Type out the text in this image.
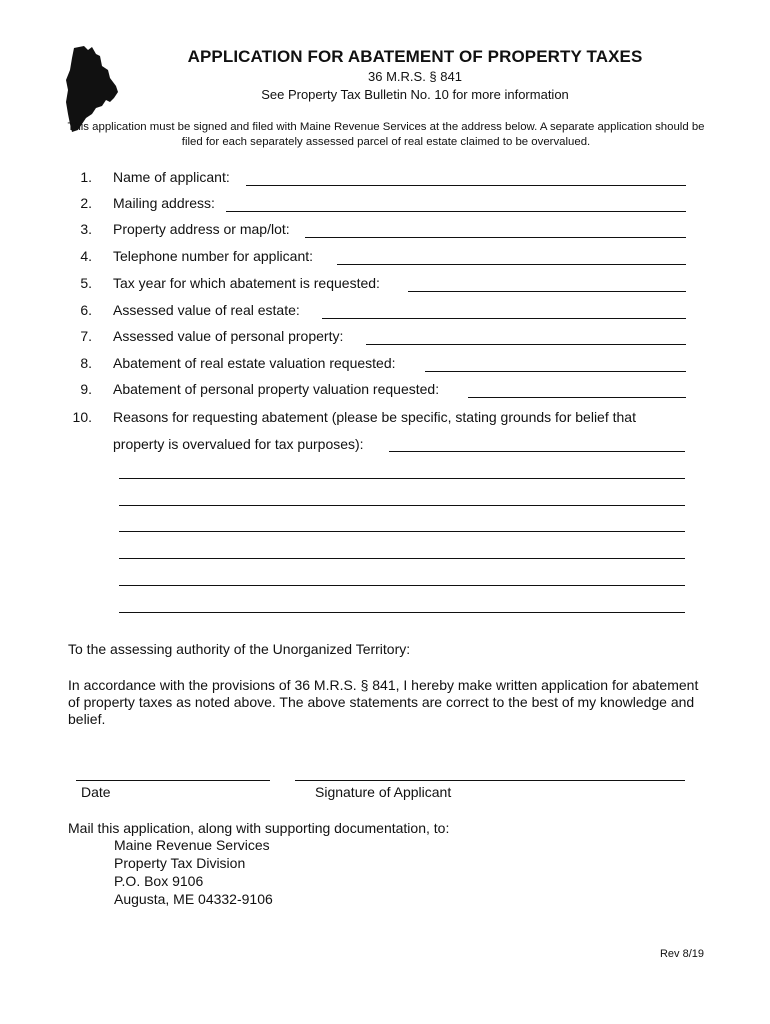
APPLICATION FOR ABATEMENT OF PROPERTY TAXES
36 M.R.S. § 841
See Property Tax Bulletin No. 10 for more information
This application must be signed and filed with Maine Revenue Services at the address below. A separate application should be filed for each separately assessed parcel of real estate claimed to be overvalued.
1. Name of applicant:
2. Mailing address:
3. Property address or map/lot:
4. Telephone number for applicant:
5. Tax year for which abatement is requested:
6. Assessed value of real estate:
7. Assessed value of personal property:
8. Abatement of real estate valuation requested:
9. Abatement of personal property valuation requested:
10. Reasons for requesting abatement (please be specific, stating grounds for belief that
property is overvalued for tax purposes):
To the assessing authority of the Unorganized Territory:
In accordance with the provisions of 36 M.R.S. § 841, I hereby make written application for abatement of property taxes as noted above. The above statements are correct to the best of my knowledge and belief.
Date	Signature of Applicant
Mail this application, along with supporting documentation, to:
Maine Revenue Services
Property Tax Division
P.O. Box 9106
Augusta, ME 04332-9106
Rev 8/19
